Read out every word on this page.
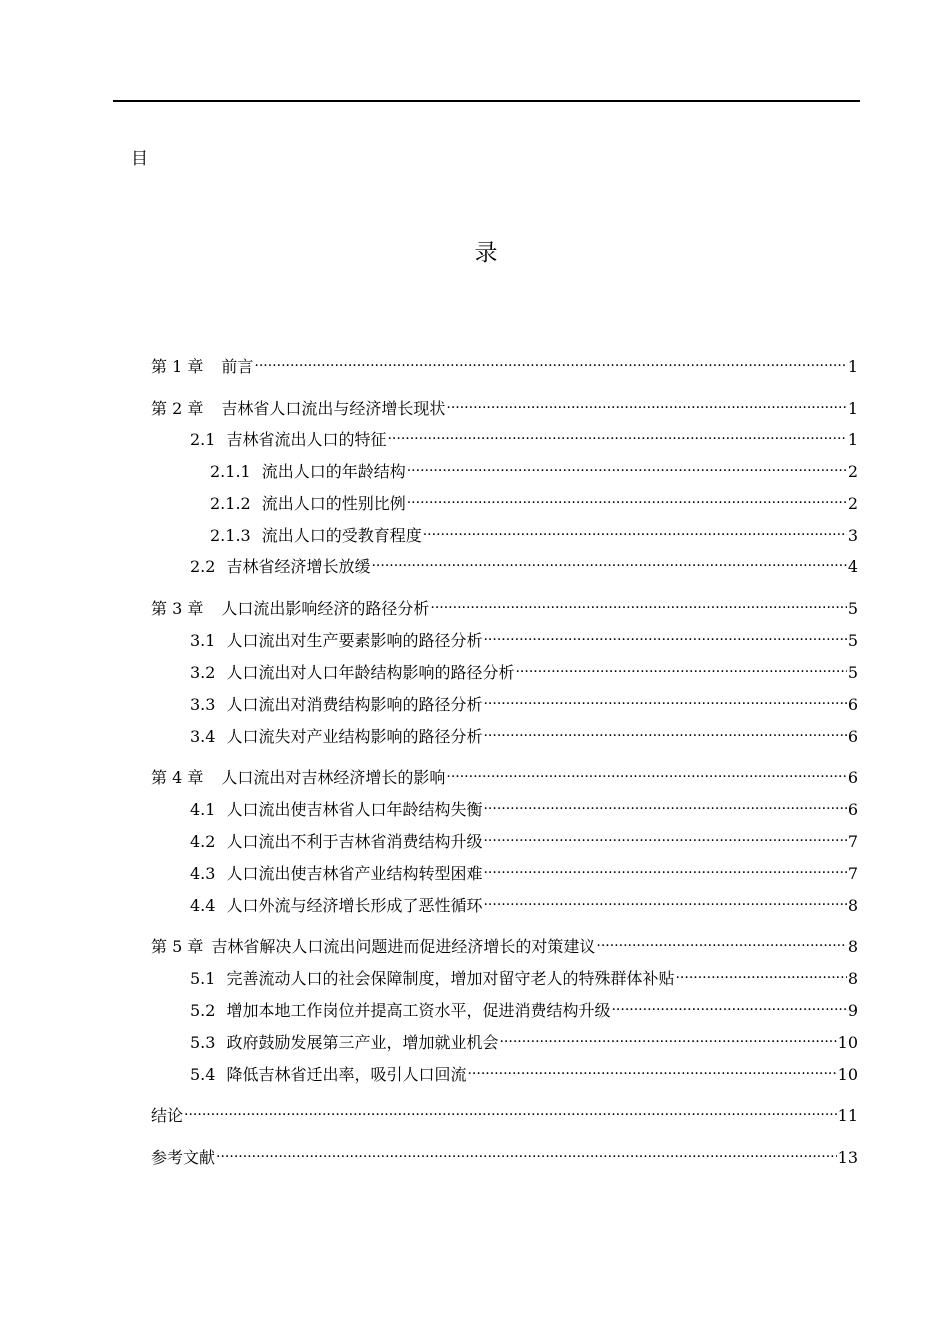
目
录
第 1 章 前言 .....	1
第 2 章 吉林省人口流出与经济增长现状 .....	1
2.1 吉林省流出人口的特征 .....	1
2.1.1 流出人口的年龄结构 .....	2
2.1.2 流出人口的性别比例 .....	2
2.1.3 流出人口的受教育程度 .....	3
2.2 吉林省经济增长放缓 .....	4
第 3 章 人口流出影响经济的路径分析 .....	5
3.1 人口流出对生产要素影响的路径分析 .....	5
3.2 人口流出对人口年龄结构影响的路径分析 .....	5
3.3 人口流出对消费结构影响的路径分析 .....	6
3.4 人口流失对产业结构影响的路径分析 .....	6
第 4 章 人口流出对吉林经济增长的影响 .....	6
4.1 人口流出使吉林省人口年龄结构失衡 .....	6
4.2 人口流出不利于吉林省消费结构升级 .....	7
4.3 人口流出使吉林省产业结构转型困难 .....	7
4.4 人口外流与经济增长形成了恶性循环 .....	8
第 5 章 吉林省解决人口流出问题进而促进经济增长的对策建议 .....	8
5.1 完善流动人口的社会保障制度，增加对留守老人的特殊群体补贴 .....	8
5.2 增加本地工作岗位并提高工资水平，促进消费结构升级 .....	9
5.3 政府鼓励发展第三产业，增加就业机会 .....	10
5.4 降低吉林省迁出率，吸引人口回流 .....	10
结论 .....	11
参考文献 .....	13
